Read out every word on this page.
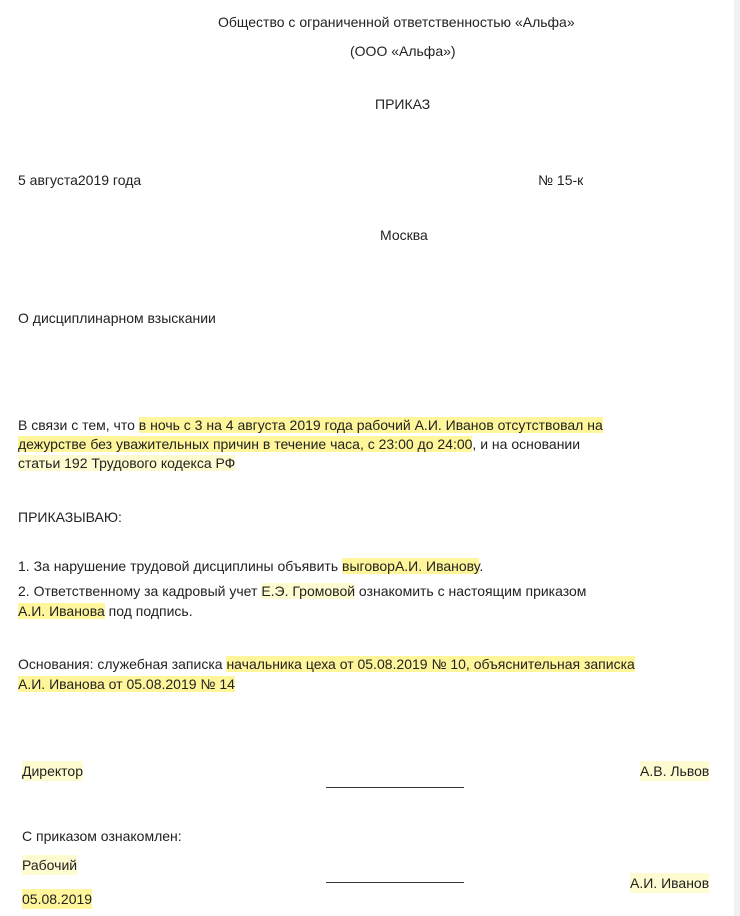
Общество с ограниченной ответственностью «Альфа»
(ООО «Альфа»)
ПРИКАЗ
5 августа2019 года	№ 15-к
Москва
О дисциплинарном взыскании
В связи с тем, что в ночь с 3 на 4 августа 2019 года рабочий А.И. Иванов отсутствовал на
дежурстве без уважительных причин в течение часа, с 23:00 до 24:00, и на основании
статьи 192 Трудового кодекса РФ
ПРИКАЗЫВАЮ:
1. За нарушение трудовой дисциплины объявить выговорА.И. Иванову.
2. Ответственному за кадровый учет Е.Э. Громовой ознакомить с настоящим приказом
А.И. Иванова под подпись.
Основания: служебная записка начальника цеха от 05.08.2019 № 10, объяснительная записка
А.И. Иванова от 05.08.2019 № 14
Директор	А.В. Львов
С приказом ознакомлен:
Рабочий
05.08.2019
А.И. Иванов
